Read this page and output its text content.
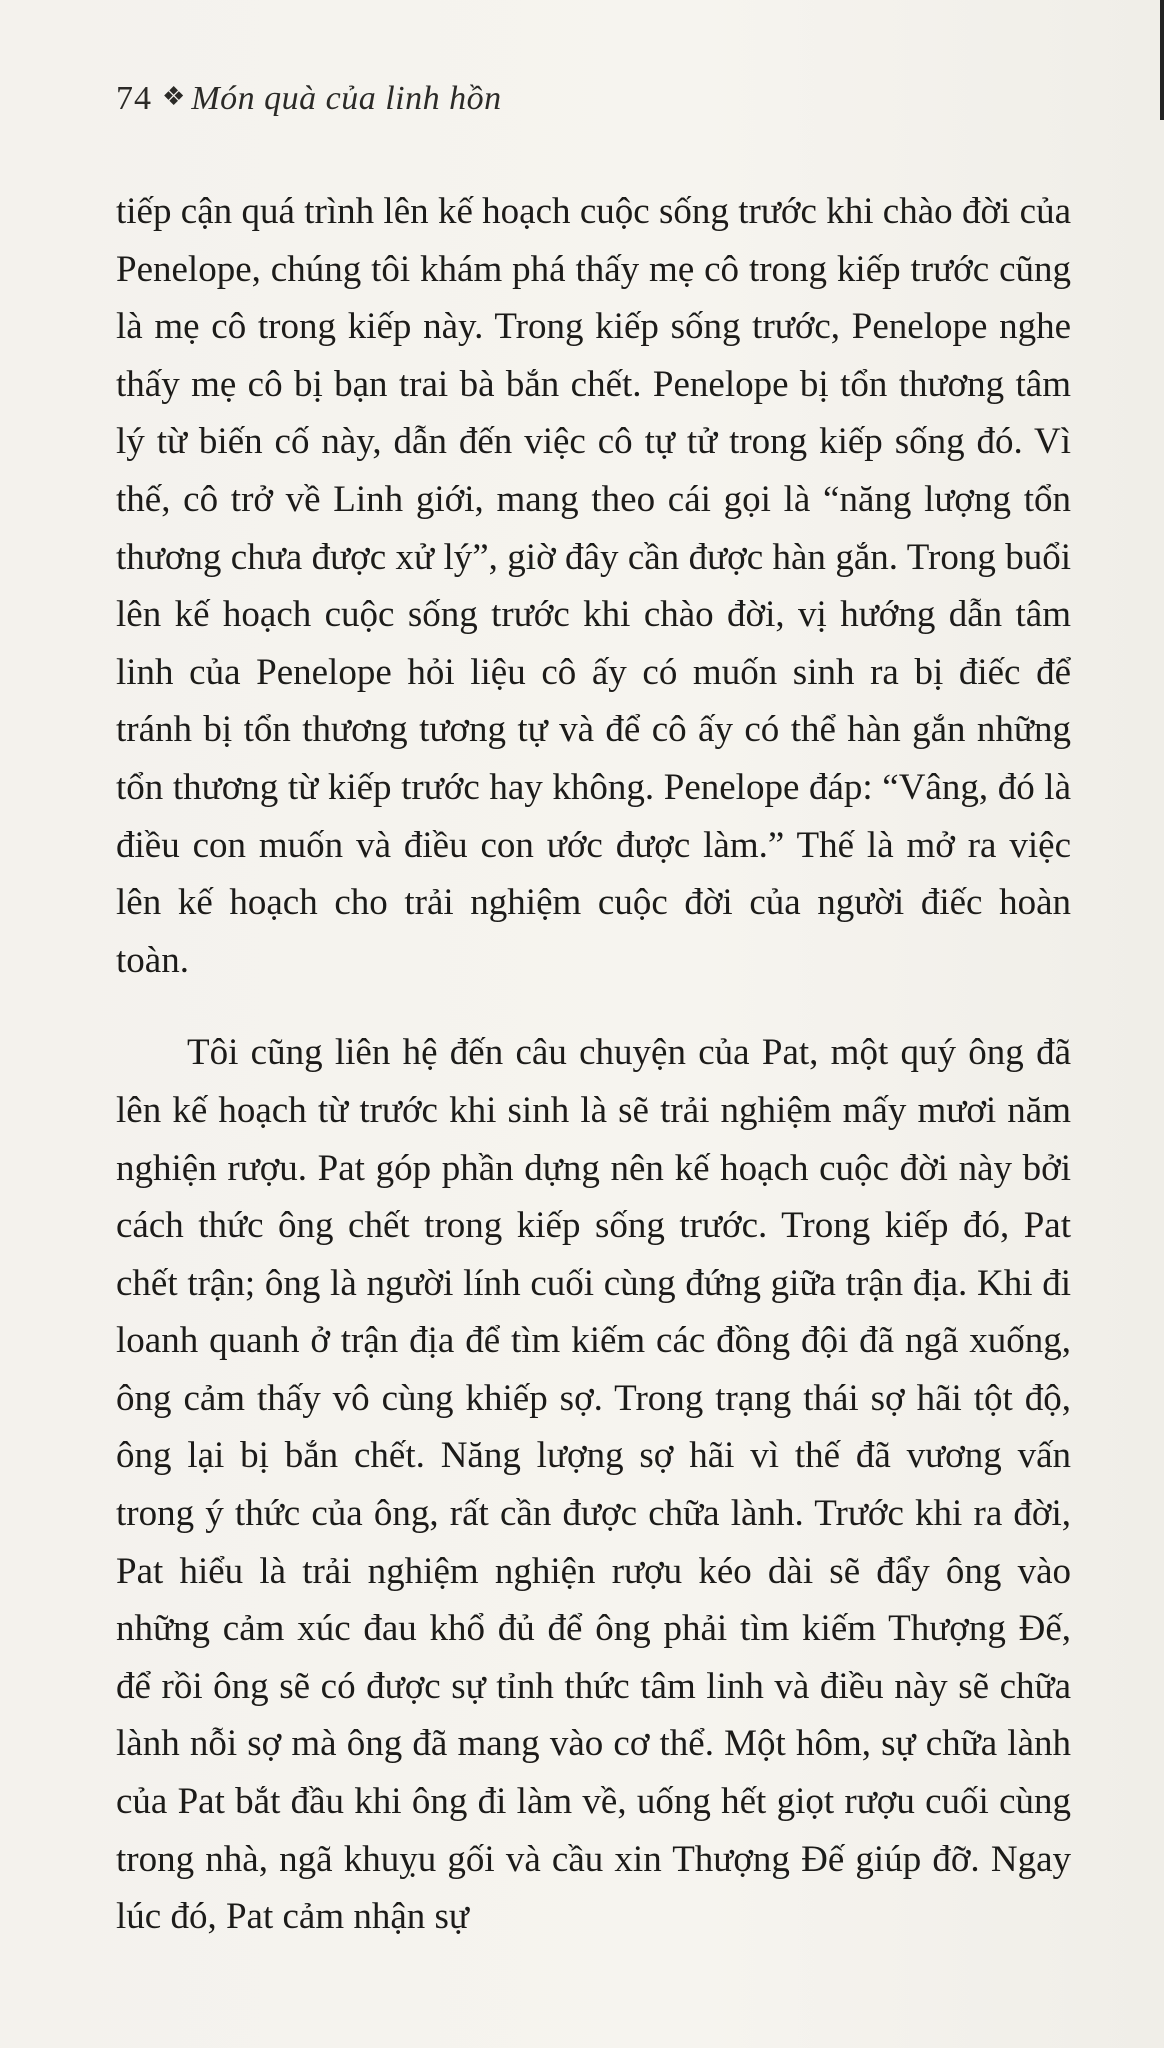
74 ❖ Món quà của linh hồn

tiếp cận quá trình lên kế hoạch cuộc sống trước khi chào đời của Penelope, chúng tôi khám phá thấy mẹ cô trong kiếp trước cũng là mẹ cô trong kiếp này. Trong kiếp sống trước, Penelope nghe thấy mẹ cô bị bạn trai bà bắn chết. Penelope bị tổn thương tâm lý từ biến cố này, dẫn đến việc cô tự tử trong kiếp sống đó. Vì thế, cô trở về Linh giới, mang theo cái gọi là “năng lượng tổn thương chưa được xử lý”, giờ đây cần được hàn gắn. Trong buổi lên kế hoạch cuộc sống trước khi chào đời, vị hướng dẫn tâm linh của Penelope hỏi liệu cô ấy có muốn sinh ra bị điếc để tránh bị tổn thương tương tự và để cô ấy có thể hàn gắn những tổn thương từ kiếp trước hay không. Penelope đáp: “Vâng, đó là điều con muốn và điều con ước được làm.” Thế là mở ra việc lên kế hoạch cho trải nghiệm cuộc đời của người điếc hoàn toàn.

Tôi cũng liên hệ đến câu chuyện của Pat, một quý ông đã lên kế hoạch từ trước khi sinh là sẽ trải nghiệm mấy mươi năm nghiện rượu. Pat góp phần dựng nên kế hoạch cuộc đời này bởi cách thức ông chết trong kiếp sống trước. Trong kiếp đó, Pat chết trận; ông là người lính cuối cùng đứng giữa trận địa. Khi đi loanh quanh ở trận địa để tìm kiếm các đồng đội đã ngã xuống, ông cảm thấy vô cùng khiếp sợ. Trong trạng thái sợ hãi tột độ, ông lại bị bắn chết. Năng lượng sợ hãi vì thế đã vương vấn trong ý thức của ông, rất cần được chữa lành. Trước khi ra đời, Pat hiểu là trải nghiệm nghiện rượu kéo dài sẽ đẩy ông vào những cảm xúc đau khổ đủ để ông phải tìm kiếm Thượng Đế, để rồi ông sẽ có được sự tỉnh thức tâm linh và điều này sẽ chữa lành nỗi sợ mà ông đã mang vào cơ thể. Một hôm, sự chữa lành của Pat bắt đầu khi ông đi làm về, uống hết giọt rượu cuối cùng trong nhà, ngã khuỵu gối và cầu xin Thượng Đế giúp đỡ. Ngay lúc đó, Pat cảm nhận sự
